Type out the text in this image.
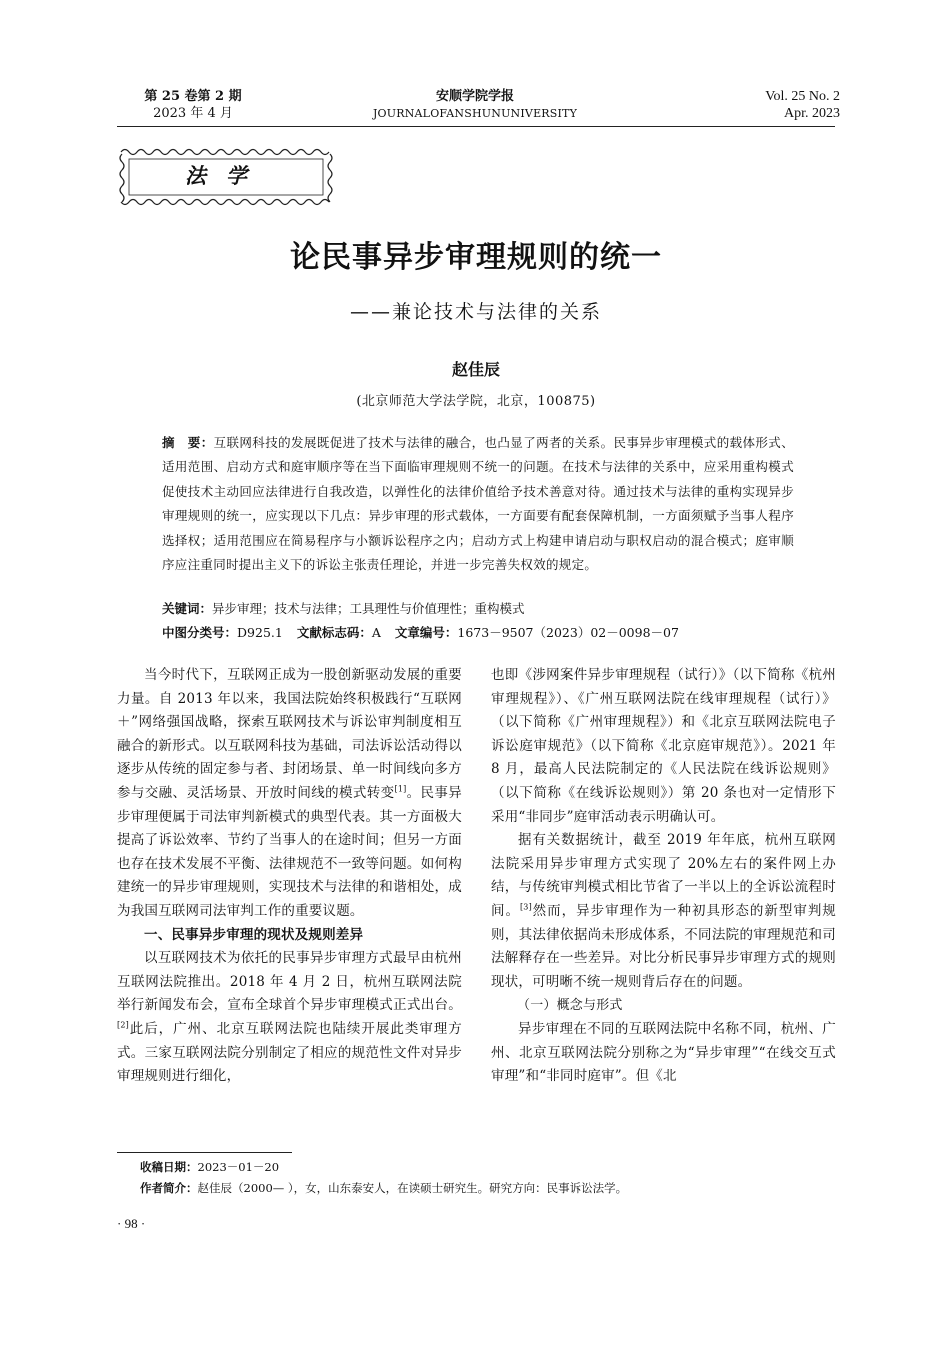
第 25 卷第 2 期
2023 年 4 月
安顺学院学报
JOURNALOFANSHUNUNIVERSITY
Vol. 25 No. 2
Apr. 2023
法学
论民事异步审理规则的统一
——兼论技术与法律的关系
赵佳辰
(北京师范大学法学院，北京，100875)
摘　要：互联网科技的发展既促进了技术与法律的融合，也凸显了两者的关系。民事异步审理模式的载体形式、适用范围、启动方式和庭审顺序等在当下面临审理规则不统一的问题。在技术与法律的关系中，应采用重构模式促使技术主动回应法律进行自我改造，以弹性化的法律价值给予技术善意对待。通过技术与法律的重构实现异步审理规则的统一，应实现以下几点：异步审理的形式载体，一方面要有配套保障机制，一方面须赋予当事人程序选择权；适用范围应在简易程序与小额诉讼程序之内；启动方式上构建申请启动与职权启动的混合模式；庭审顺序应注重同时提出主义下的诉讼主张责任理论，并进一步完善失权效的规定。
关键词：异步审理；技术与法律；工具理性与价值理性；重构模式
中图分类号：D925.1 文献标志码：A 文章编号：1673－9507（2023）02－0098－07

当今时代下，互联网正成为一股创新驱动发展的重要力量。自 2013 年以来，我国法院始终积极践行“互联网＋”网络强国战略，探索互联网技术与诉讼审判制度相互融合的新形式。以互联网科技为基础，司法诉讼活动得以逐步从传统的固定参与者、封闭场景、单一时间线向多方参与交融、灵活场景、开放时间线的模式转变[1]。民事异步审理便属于司法审判新模式的典型代表。其一方面极大提高了诉讼效率、节约了当事人的在途时间；但另一方面也存在技术发展不平衡、法律规范不一致等问题。如何构建统一的异步审理规则，实现技术与法律的和谐相处，成为我国互联网司法审判工作的重要议题。

一、民事异步审理的现状及规则差异

以互联网技术为依托的民事异步审理方式最早由杭州互联网法院推出。2018 年 4 月 2 日，杭州互联网法院举行新闻发布会，宣布全球首个异步审理模式正式出台。[2]此后，广州、北京互联网法院也陆续开展此类审理方式。三家互联网法院分别制定了相应的规范性文件对异步审理规则进行细化，

也即《涉网案件异步审理规程（试行）》（以下简称《杭州审理规程》）、《广州互联网法院在线审理规程（试行）》（以下简称《广州审理规程》）和《北京互联网法院电子诉讼庭审规范》（以下简称《北京庭审规范》）。2021 年 8 月，最高人民法院制定的《人民法院在线诉讼规则》（以下简称《在线诉讼规则》）第 20 条也对一定情形下采用“非同步”庭审活动表示明确认可。

据有关数据统计，截至 2019 年年底，杭州互联网法院采用异步审理方式实现了 20%左右的案件网上办结，与传统审判模式相比节省了一半以上的全诉讼流程时间。[3]然而，异步审理作为一种初具形态的新型审判规则，其法律依据尚未形成体系，不同法院的审理规范和司法解释存在一些差异。对比分析民事异步审理方式的规则现状，可明晰不统一规则背后存在的问题。

（一）概念与形式

异步审理在不同的互联网法院中名称不同，杭州、广州、北京互联网法院分别称之为“异步审理”“在线交互式审理”和“非同时庭审”。但《北

收稿日期：2023－01－20
作者简介：赵佳辰（2000— ），女，山东泰安人，在读硕士研究生。研究方向：民事诉讼法学。
· 98 ·
